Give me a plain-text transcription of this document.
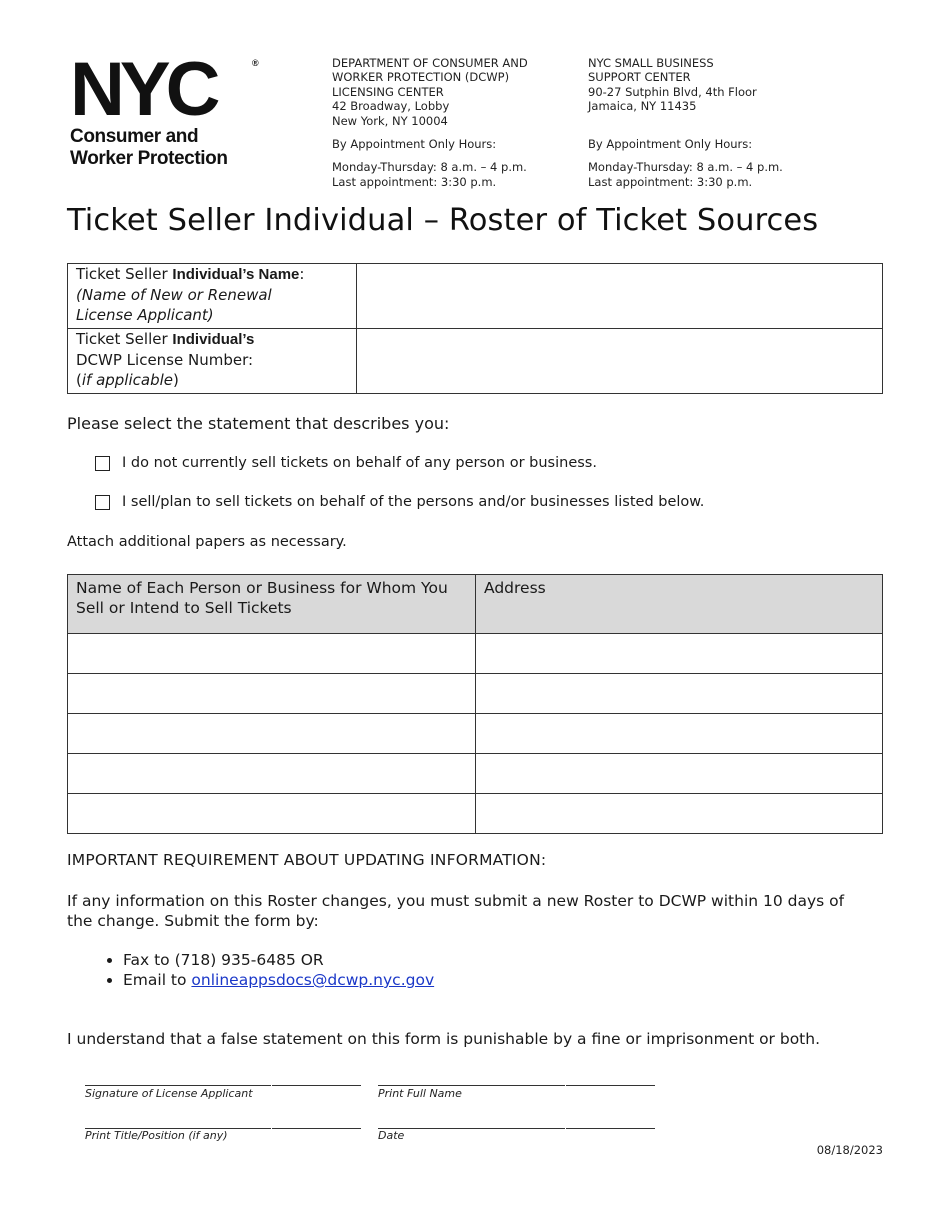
NYC	®
Consumer and
Worker Protection
DEPARTMENT OF CONSUMER AND
WORKER PROTECTION (DCWP)
LICENSING CENTER
42 Broadway, Lobby
New York, NY 10004
By Appointment Only Hours:
Monday-Thursday: 8 a.m. – 4 p.m.
Last appointment: 3:30 p.m.
NYC SMALL BUSINESS
SUPPORT CENTER
90-27 Sutphin Blvd, 4th Floor
Jamaica, NY 11435
By Appointment Only Hours:
Monday-Thursday: 8 a.m. – 4 p.m.
Last appointment: 3:30 p.m.
Ticket Seller Individual – Roster of Ticket Sources
Ticket Seller Individual’s Name:
(Name of New or Renewal License Applicant)	
Ticket Seller Individual’s
DCWP License Number:
(if applicable)	
Please select the statement that describes you:
I do not currently sell tickets on behalf of any person or business.
I sell/plan to sell tickets on behalf of the persons and/or businesses listed below.
Attach additional papers as necessary.
Name of Each Person or Business for Whom You Sell or Intend to Sell Tickets	Address

IMPORTANT REQUIREMENT ABOUT UPDATING INFORMATION:
If any information on this Roster changes, you must submit a new Roster to DCWP within 10 days of the change. Submit the form by:
• Fax to (718) 935-6485 OR
• Email to onlineappsdocs@dcwp.nyc.gov
I understand that a false statement on this form is punishable by a fine or imprisonment or both.
Signature of License Applicant	Print Full Name
Print Title/Position (if any)	Date
08/18/2023
